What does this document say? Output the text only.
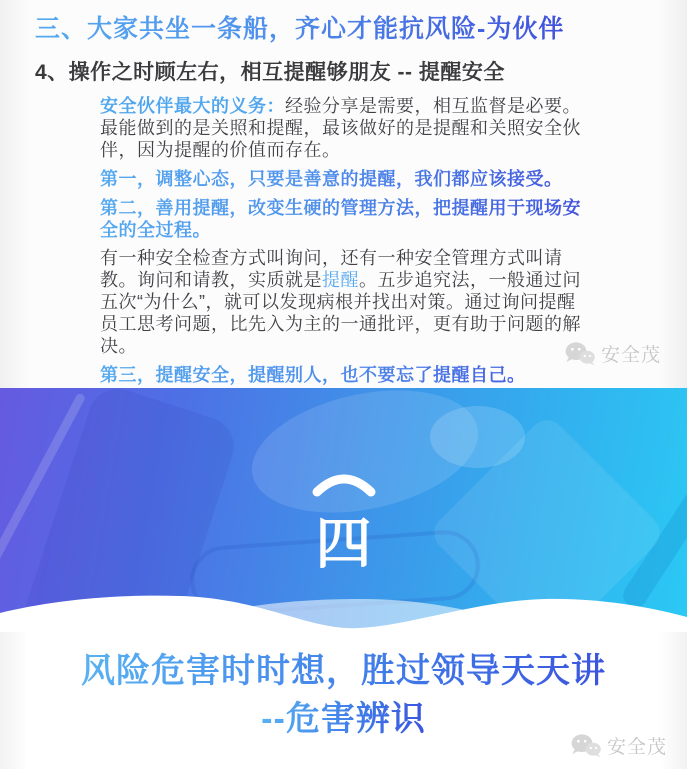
三、大家共坐一条船，齐心才能抗风险-为伙伴
4、操作之时顾左右，相互提醒够朋友 -- 提醒安全

安全伙伴最大的义务：经验分享是需要，相互监督是必要。最能做到的是关照和提醒，最该做好的是提醒和关照安全伙伴，因为提醒的价值而存在。

第一，调整心态，只要是善意的提醒，我们都应该接受。

第二，善用提醒，改变生硬的管理方法，把提醒用于现场安全的全过程。

有一种安全检查方式叫询问，还有一种安全管理方式叫请教。询问和请教，实质就是提醒。五步追究法，一般通过问五次“为什么”，就可以发现病根并找出对策。通过询问提醒员工思考问题，比先入为主的一通批评，更有助于问题的解决。

第三，提醒安全，提醒别人，也不要忘了提醒自己。

安全茂
四
风险危害时时想，胜过领导天天讲
--危害辨识
安全茂
